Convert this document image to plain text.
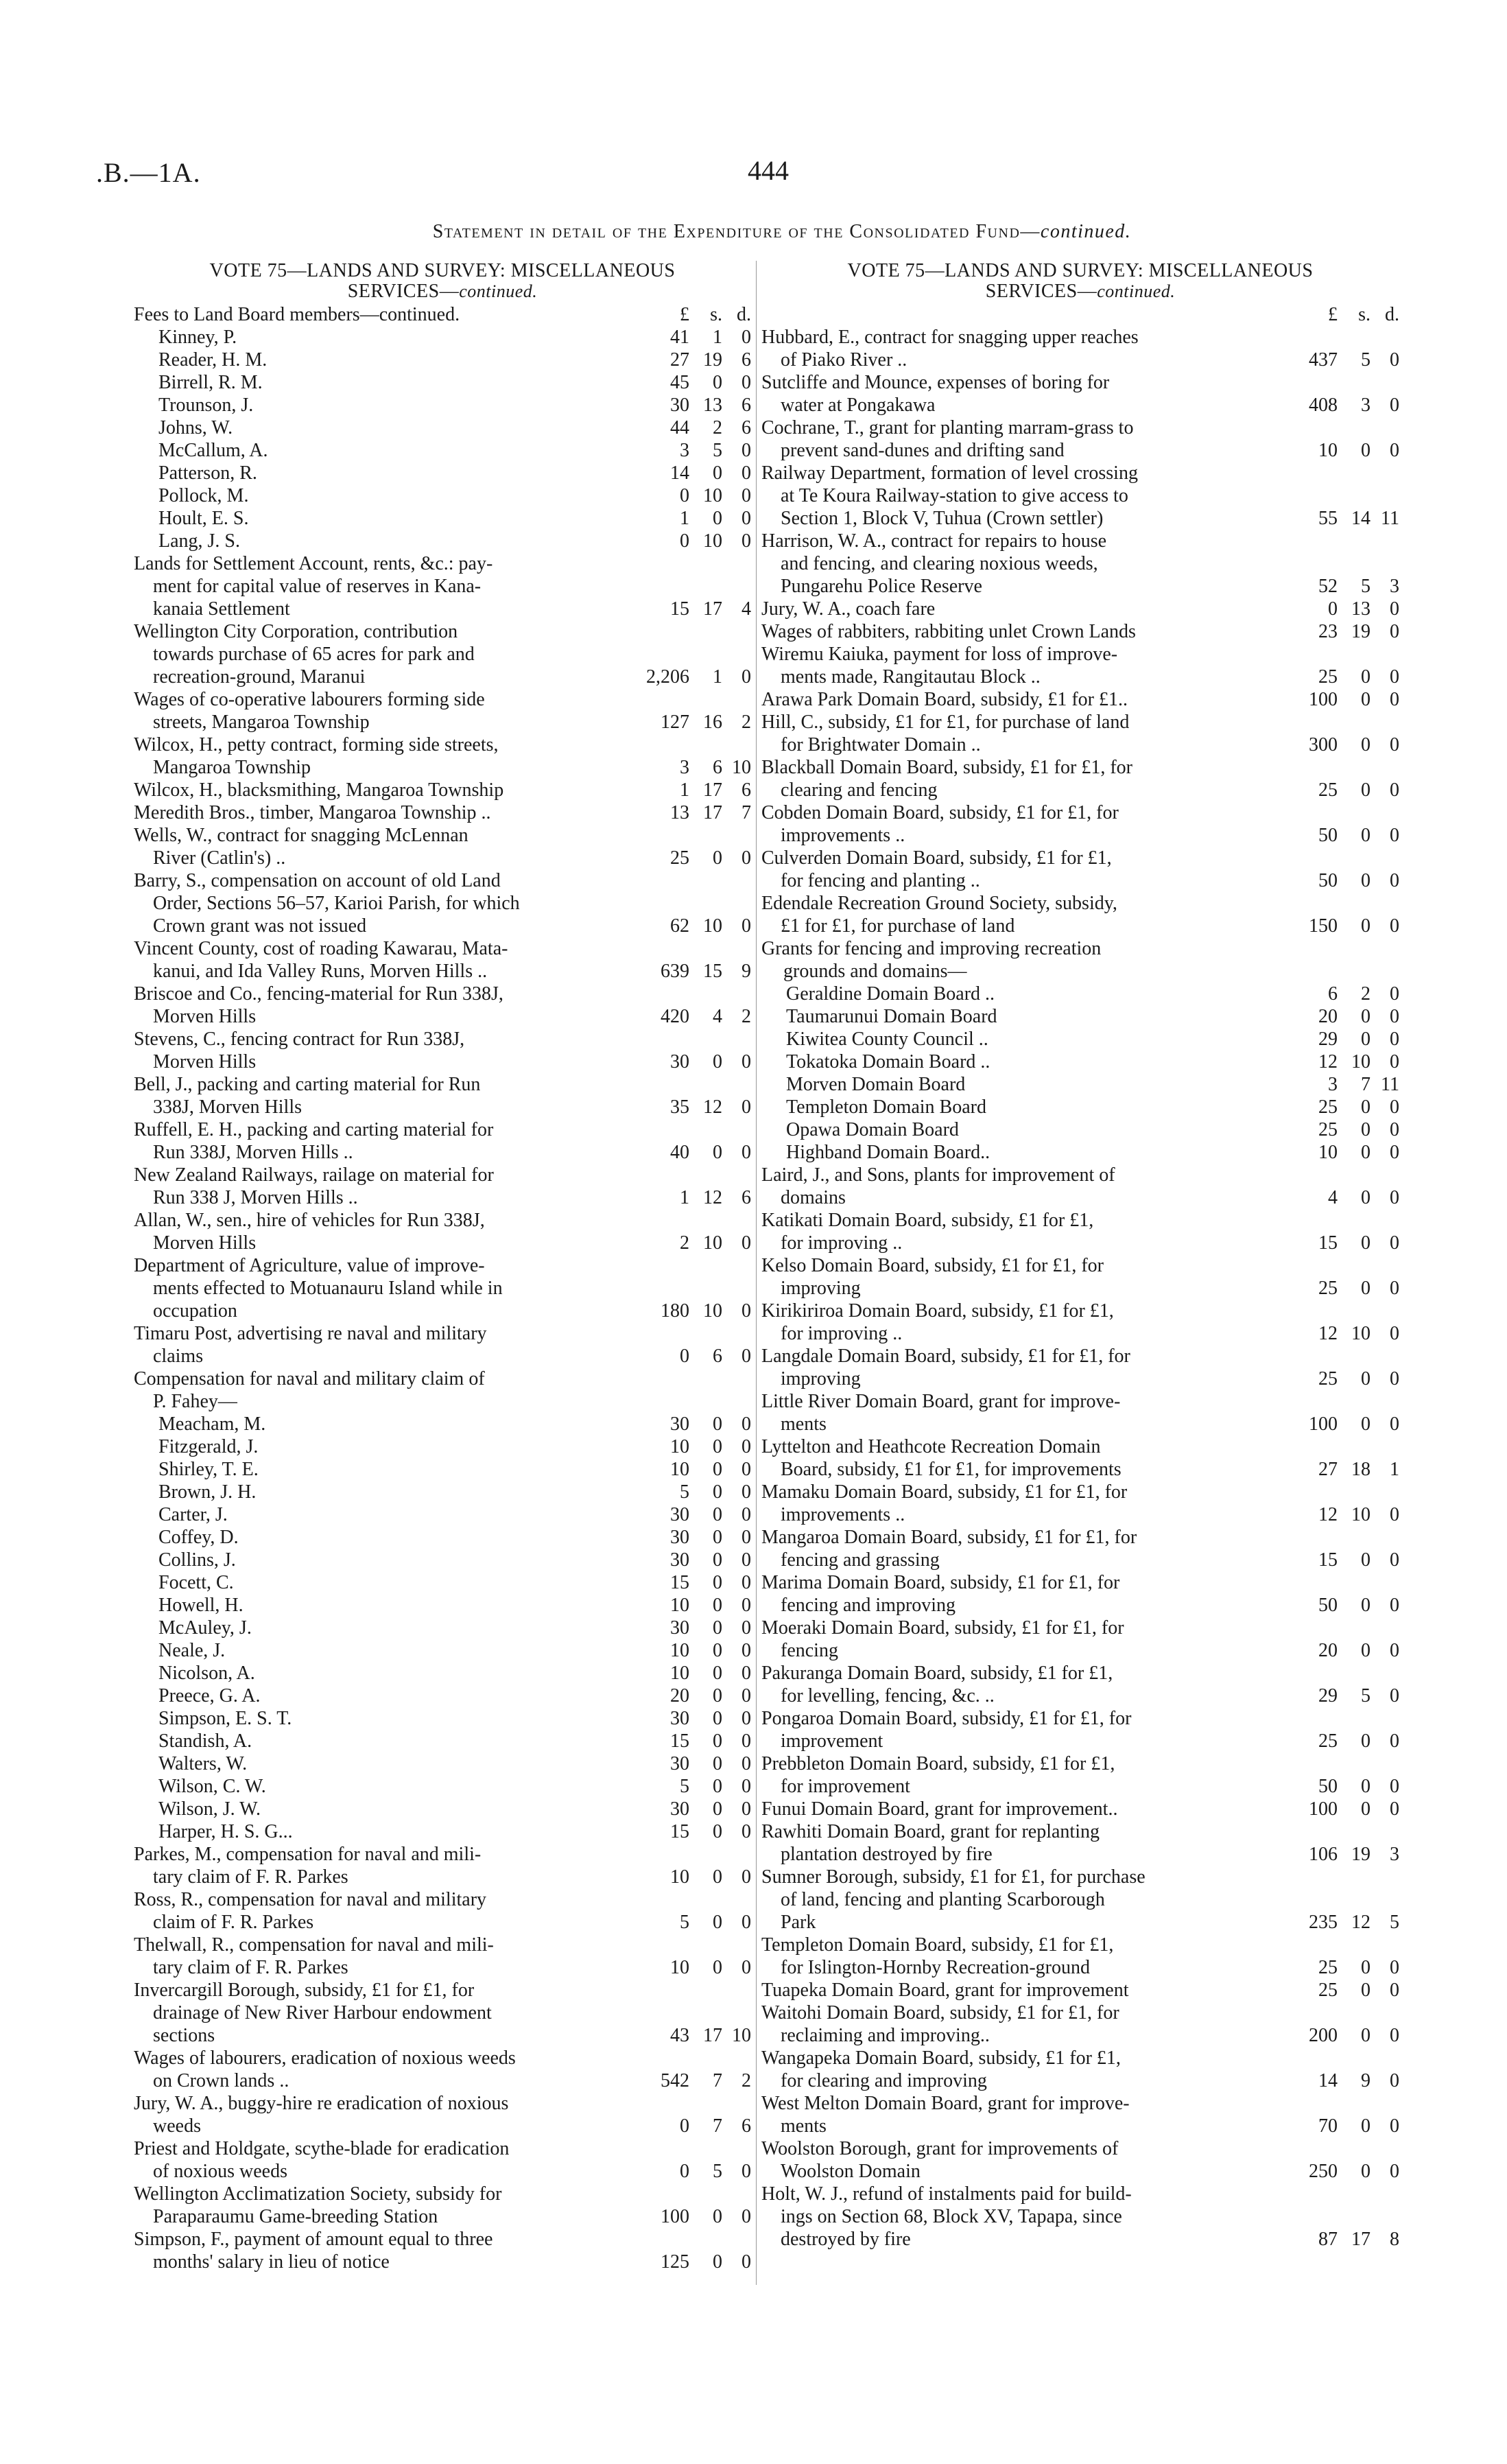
.B.—1A.	444
Statement in detail of the Expenditure of the Consolidated Fund—continued.
VOTE 75—LANDS AND SURVEY: MISCELLANEOUS
SERVICES—continued.
Fees to Land Board members—continued.	£	s. d.
Kinney, P.	41	1	0
Reader, H. M.	27 19	6
Birrell, R. M.	45	0	0
Trounson, J.	30 13	6
Johns, W.	44	2	6
McCallum, A.	3	5	0
Patterson, R.	14	0	0
Pollock, M.	0 10	0
Hoult, E. S.	1	0	0
Lang, J. S.	0 10	0
Lands for Settlement Account, rents, &c.: pay-
ment for capital value of reserves in Kana-
kanaia Settlement	15 17	4
Wellington City Corporation, contribution
towards purchase of 65 acres for park and
recreation-ground, Maranui	2,206	1	0
Wages of co-operative labourers forming side
streets, Mangaroa Township	127 16	2
Wilcox, H., petty contract, forming side streets,
Mangaroa Township	3	6 10
Wilcox, H., blacksmithing, Mangaroa Township	1 17	6
Meredith Bros., timber, Mangaroa Township ..	13 17	7
Wells, W., contract for snagging McLennan
River (Catlin's) ..	25	0	0
Barry, S., compensation on account of old Land
Order, Sections 56–57, Karioi Parish, for which
Crown grant was not issued	62 10	0
Vincent County, cost of roading Kawarau, Mata-
kanui, and Ida Valley Runs, Morven Hills ..	639 15	9
Briscoe and Co., fencing-material for Run 338J,
Morven Hills	420	4	2
Stevens, C., fencing contract for Run 338J,
Morven Hills	30	0	0
Bell, J., packing and carting material for Run
338J, Morven Hills	35 12	0
Ruffell, E. H., packing and carting material for
Run 338J, Morven Hills ..	40	0	0
New Zealand Railways, railage on material for
Run 338 J, Morven Hills ..	1 12	6
Allan, W., sen., hire of vehicles for Run 338J,
Morven Hills	2 10	0
Department of Agriculture, value of improve-
ments effected to Motuanauru Island while in
occupation	180 10	0
Timaru Post, advertising re naval and military
claims	0	6	0
Compensation for naval and military claim of
P. Fahey—
Meacham, M.	30	0	0
Fitzgerald, J.	10	0	0
Shirley, T. E.	10	0	0
Brown, J. H.	5	0	0
Carter, J.	30	0	0
Coffey, D.	30	0	0
Collins, J.	30	0	0
Focett, C.	15	0	0
Howell, H.	10	0	0
McAuley, J.	30	0	0
Neale, J.	10	0	0
Nicolson, A.	10	0	0
Preece, G. A.	20	0	0
Simpson, E. S. T.	30	0	0
Standish, A.	15	0	0
Walters, W.	30	0	0
Wilson, C. W.	5	0	0
Wilson, J. W.	30	0	0
Harper, H. S. G...	15	0	0
Parkes, M., compensation for naval and mili-
tary claim of F. R. Parkes	10	0	0
Ross, R., compensation for naval and military
claim of F. R. Parkes	5	0	0
Thelwall, R., compensation for naval and mili-
tary claim of F. R. Parkes	10	0	0
Invercargill Borough, subsidy, £1 for £1, for
drainage of New River Harbour endowment
sections	43 17 10
Wages of labourers, eradication of noxious weeds
on Crown lands ..	542	7	2
Jury, W. A., buggy-hire re eradication of noxious
weeds	0	7	6
Priest and Holdgate, scythe-blade for eradication
of noxious weeds	0	5	0
Wellington Acclimatization Society, subsidy for
Paraparaumu Game-breeding Station	100	0	0
Simpson, F., payment of amount equal to three
months' salary in lieu of notice	125	0	0
VOTE 75—LANDS AND SURVEY: MISCELLANEOUS
SERVICES—continued.
£	s. d.
Hubbard, E., contract for snagging upper reaches
of Piako River ..	437	5	0
Sutcliffe and Mounce, expenses of boring for
water at Pongakawa	408	3	0
Cochrane, T., grant for planting marram-grass to
prevent sand-dunes and drifting sand	10	0	0
Railway Department, formation of level crossing
at Te Koura Railway-station to give access to
Section 1, Block V, Tuhua (Crown settler)	55 14 11
Harrison, W. A., contract for repairs to house
and fencing, and clearing noxious weeds,
Pungarehu Police Reserve	52	5	3
Jury, W. A., coach fare	0 13	0
Wages of rabbiters, rabbiting unlet Crown Lands	23 19	0
Wiremu Kaiuka, payment for loss of improve-
ments made, Rangitautau Block ..	25	0	0
Arawa Park Domain Board, subsidy, £1 for £1..	100	0	0
Hill, C., subsidy, £1 for £1, for purchase of land
for Brightwater Domain ..	300	0	0
Blackball Domain Board, subsidy, £1 for £1, for
clearing and fencing	25	0	0
Cobden Domain Board, subsidy, £1 for £1, for
improvements ..	50	0	0
Culverden Domain Board, subsidy, £1 for £1,
for fencing and planting ..	50	0	0
Edendale Recreation Ground Society, subsidy,
£1 for £1, for purchase of land	150	0	0
Grants for fencing and improving recreation
grounds and domains—
Geraldine Domain Board ..	6	2	0
Taumarunui Domain Board	20	0	0
Kiwitea County Council ..	29	0	0
Tokatoka Domain Board ..	12 10	0
Morven Domain Board	3	7 11
Templeton Domain Board	25	0	0
Opawa Domain Board	25	0	0
Highband Domain Board..	10	0	0
Laird, J., and Sons, plants for improvement of
domains	4	0	0
Katikati Domain Board, subsidy, £1 for £1,
for improving ..	15	0	0
Kelso Domain Board, subsidy, £1 for £1, for
improving	25	0	0
Kirikiriroa Domain Board, subsidy, £1 for £1,
for improving ..	12 10	0
Langdale Domain Board, subsidy, £1 for £1, for
improving	25	0	0
Little River Domain Board, grant for improve-
ments	100	0	0
Lyttelton and Heathcote Recreation Domain
Board, subsidy, £1 for £1, for improvements	27 18	1
Mamaku Domain Board, subsidy, £1 for £1, for
improvements ..	12 10	0
Mangaroa Domain Board, subsidy, £1 for £1, for
fencing and grassing	15	0	0
Marima Domain Board, subsidy, £1 for £1, for
fencing and improving	50	0	0
Moeraki Domain Board, subsidy, £1 for £1, for
fencing	20	0	0
Pakuranga Domain Board, subsidy, £1 for £1,
for levelling, fencing, &c. ..	29	5	0
Pongaroa Domain Board, subsidy, £1 for £1, for
improvement	25	0	0
Prebbleton Domain Board, subsidy, £1 for £1,
for improvement	50	0	0
Funui Domain Board, grant for improvement..	100	0	0
Rawhiti Domain Board, grant for replanting
plantation destroyed by fire	106 19	3
Sumner Borough, subsidy, £1 for £1, for purchase
of land, fencing and planting Scarborough
Park	235 12	5
Templeton Domain Board, subsidy, £1 for £1,
for Islington-Hornby Recreation-ground	25	0	0
Tuapeka Domain Board, grant for improvement	25	0	0
Waitohi Domain Board, subsidy, £1 for £1, for
reclaiming and improving..	200	0	0
Wangapeka Domain Board, subsidy, £1 for £1,
for clearing and improving	14	9	0
West Melton Domain Board, grant for improve-
ments	70	0	0
Woolston Borough, grant for improvements of
Woolston Domain	250	0	0
Holt, W. J., refund of instalments paid for build-
ings on Section 68, Block XV, Tapapa, since
destroyed by fire	87 17	8
